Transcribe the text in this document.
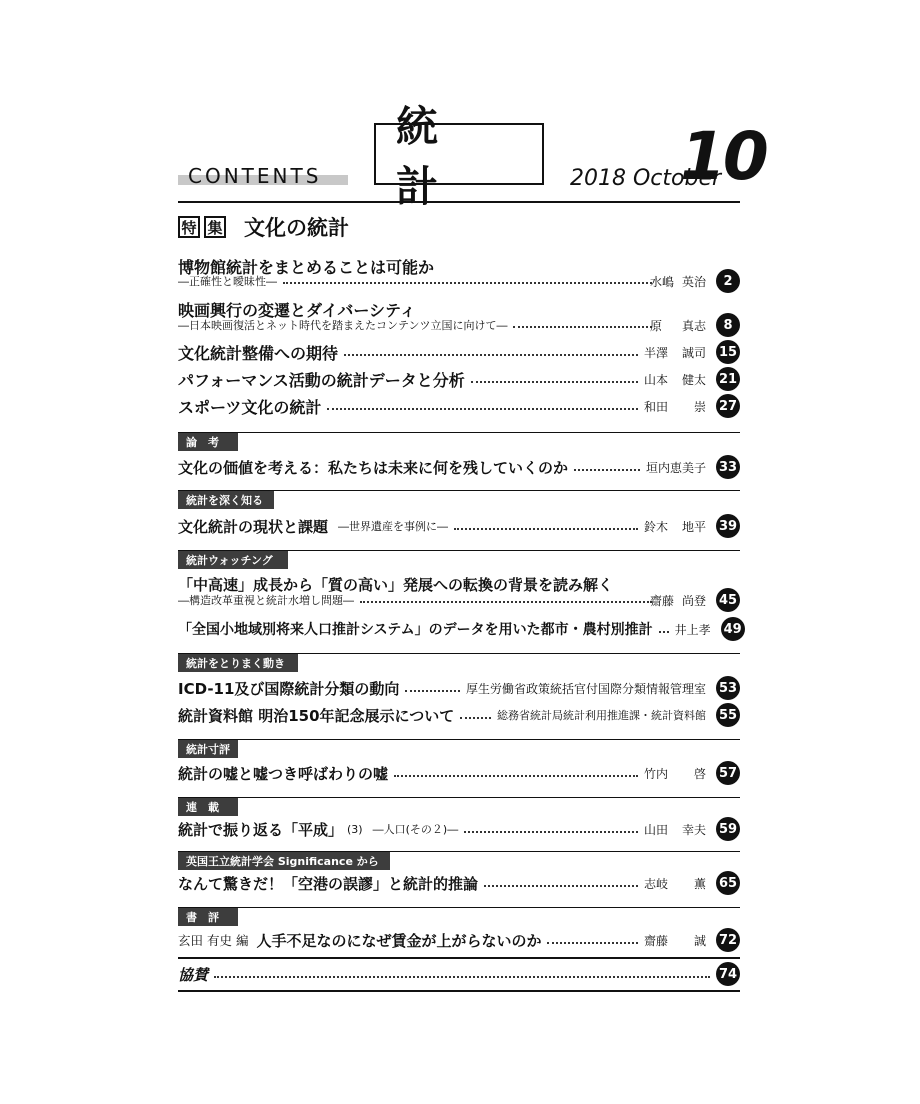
CONTENTS
統 計	2018 October
10
特 集 文化の統計
博物館統計をまとめることは可能か
―正確性と曖昧性―	水嶋 英治	2
映画興行の変遷とダイバーシティ
―日本映画復活とネット時代を踏まえたコンテンツ立国に向けて―	原 真志	8
文化統計整備への期待	半澤 誠司 15
パフォーマンス活動の統計データと分析	山本 健太 21
スポーツ文化の統計	和田 崇 27
論　考
文化の価値を考える：私たちは未来に何を残していくのか	垣内恵美子 33
統計を深く知る
文化統計の現状と課題 ―世界遺産を事例に―	鈴木 地平 39
統計ウォッチング
「中高速」成長から「質の高い」発展への転換の背景を読み解く
―構造改革重視と統計水増し問題―	齋藤 尚登 45
「全国小地域別将来人口推計システム」のデータを用いた都市・農村別推計 井上 孝 49
統計をとりまく動き
ICD-11及び国際統計分類の動向	厚生労働省政策統括官付国際分類情報管理室 53
統計資料館 明治150年記念展示について	総務省統計局統計利用推進課・統計資料館 55
統計寸評
統計の嘘と嘘つき呼ばわりの嘘	竹内 啓 57
連　載
統計で振り返る「平成」 (3) ―人口(その２)―	山田 幸夫 59
英国王立統計学会 Significance から
なんて驚きだ！「空港の誤謬」と統計的推論	志岐 薫 65
書　評
玄田 有史 編 人手不足なのになぜ賃金が上がらないのか	齋藤 誠 72
協賛	74
